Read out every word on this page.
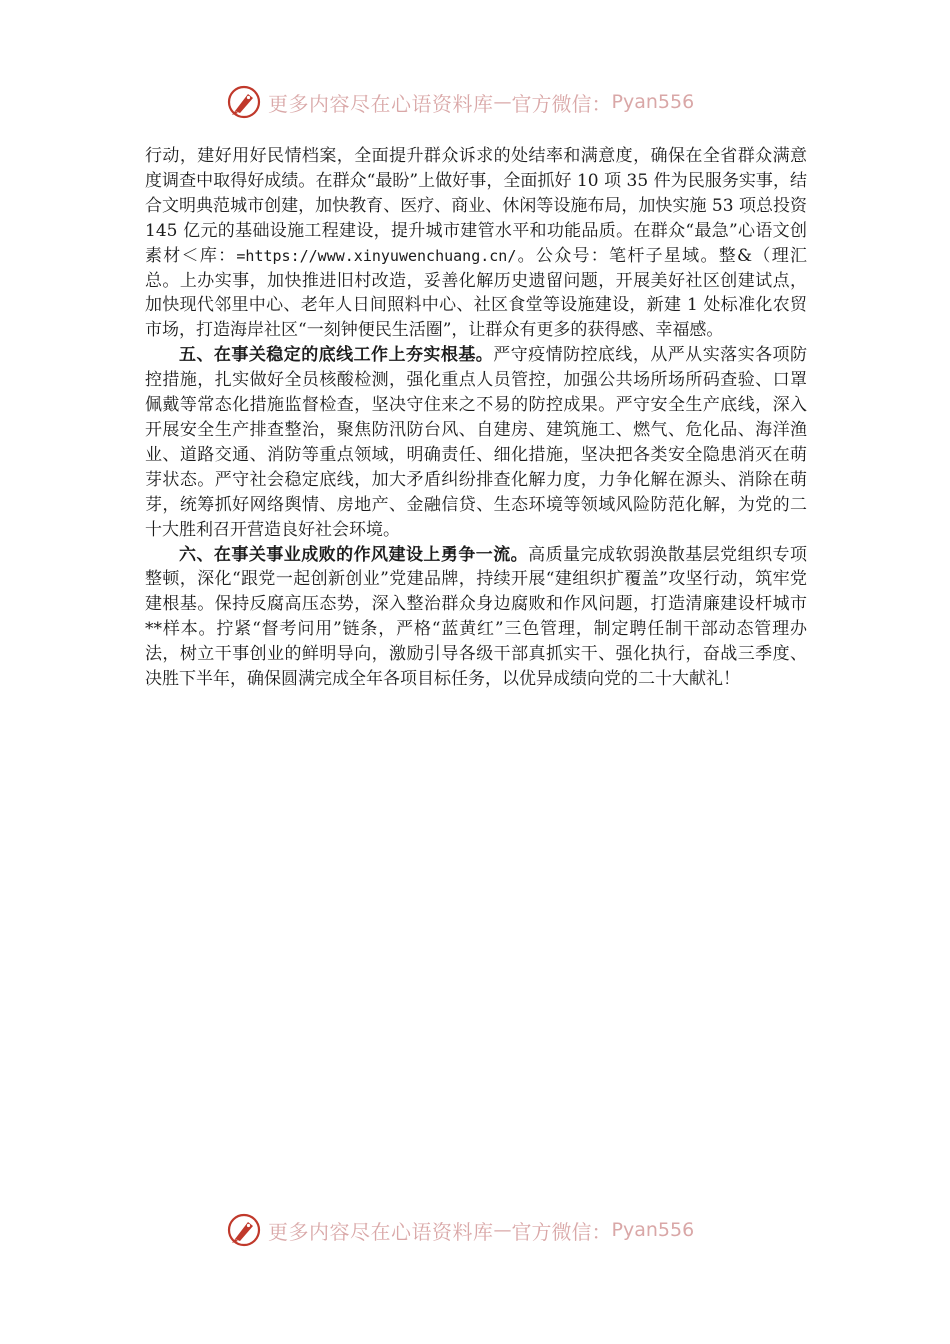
更多内容尽在心语资料库 — 官方微信： Pyan556

行动，建好用好民情档案，全面提升群众诉求的处结率和满意度，确保在全省群众满意度调查中取得好成绩。在群众“最盼”上做好事，全面抓好 10 项 35 件为民服务实事，结合文明典范城市创建，加快教育、医疗、商业、休闲等设施布局，加快实施 53 项总投资 145 亿元的基础设施工程建设，提升城市建管水平和功能品质。在群众“最急”心语文创素材＜库：=https://www.xinyuwenchuang.cn/。公众号：笔杆子星域。整&（理汇总。上办实事，加快推进旧村改造，妥善化解历史遗留问题，开展美好社区创建试点，加快现代邻里中心、老年人日间照料中心、社区食堂等设施建设，新建 1 处标准化农贸市场，打造海岸社区“一刻钟便民生活圈”，让群众有更多的获得感、幸福感。

五、在事关稳定的底线工作上夯实根基。严守疫情防控底线，从严从实落实各项防控措施，扎实做好全员核酸检测，强化重点人员管控，加强公共场所场所码查验、口罩佩戴等常态化措施监督检查，坚决守住来之不易的防控成果。严守安全生产底线，深入开展安全生产排查整治，聚焦防汛防台风、自建房、建筑施工、燃气、危化品、海洋渔业、道路交通、消防等重点领域，明确责任、细化措施，坚决把各类安全隐患消灭在萌芽状态。严守社会稳定底线，加大矛盾纠纷排查化解力度，力争化解在源头、消除在萌芽，统筹抓好网络舆情、房地产、金融信贷、生态环境等领域风险防范化解，为党的二十大胜利召开营造良好社会环境。

六、在事关事业成败的作风建设上勇争一流。高质量完成软弱涣散基层党组织专项整顿，深化“跟党一起创新创业”党建品牌，持续开展“建组织扩覆盖”攻坚行动，筑牢党建根基。保持反腐高压态势，深入整治群众身边腐败和作风问题，打造清廉建设杆城市**样本。拧紧“督考问用”链条，严格“蓝黄红”三色管理，制定聘任制干部动态管理办法，树立干事创业的鲜明导向，激励引导各级干部真抓实干、强化执行，奋战三季度、决胜下半年，确保圆满完成全年各项目标任务，以优异成绩向党的二十大献礼！

更多内容尽在心语资料库 — 官方微信： Pyan556
